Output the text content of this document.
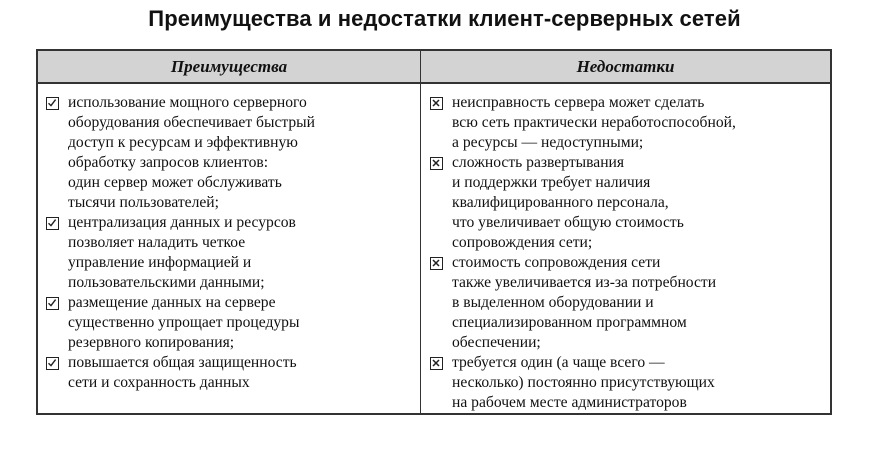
Преимущества и недостатки клиент-серверных сетей
Преимущества	Недостатки
использование мощного серверного
оборудования обеспечивает быстрый
доступ к ресурсам и эффективную
обработку запросов клиентов:
один сервер может обслуживать
тысячи пользователей;
централизация данных и ресурсов
позволяет наладить четкое
управление информацией и
пользовательскими данными;
размещение данных на сервере
существенно упрощает процедуры
резервного копирования;
повышается общая защищенность
сети и сохранность данных
неисправность сервера может сделать
всю сеть практически неработоспособной,
а ресурсы — недоступными;
сложность развертывания
и поддержки требует наличия
квалифицированного персонала,
что увеличивает общую стоимость
сопровождения сети;
стоимость сопровождения сети
также увеличивается из-за потребности
в выделенном оборудовании и
специализированном программном
обеспечении;
требуется один (а чаще всего —
несколько) постоянно присутствующих
на рабочем месте администраторов
